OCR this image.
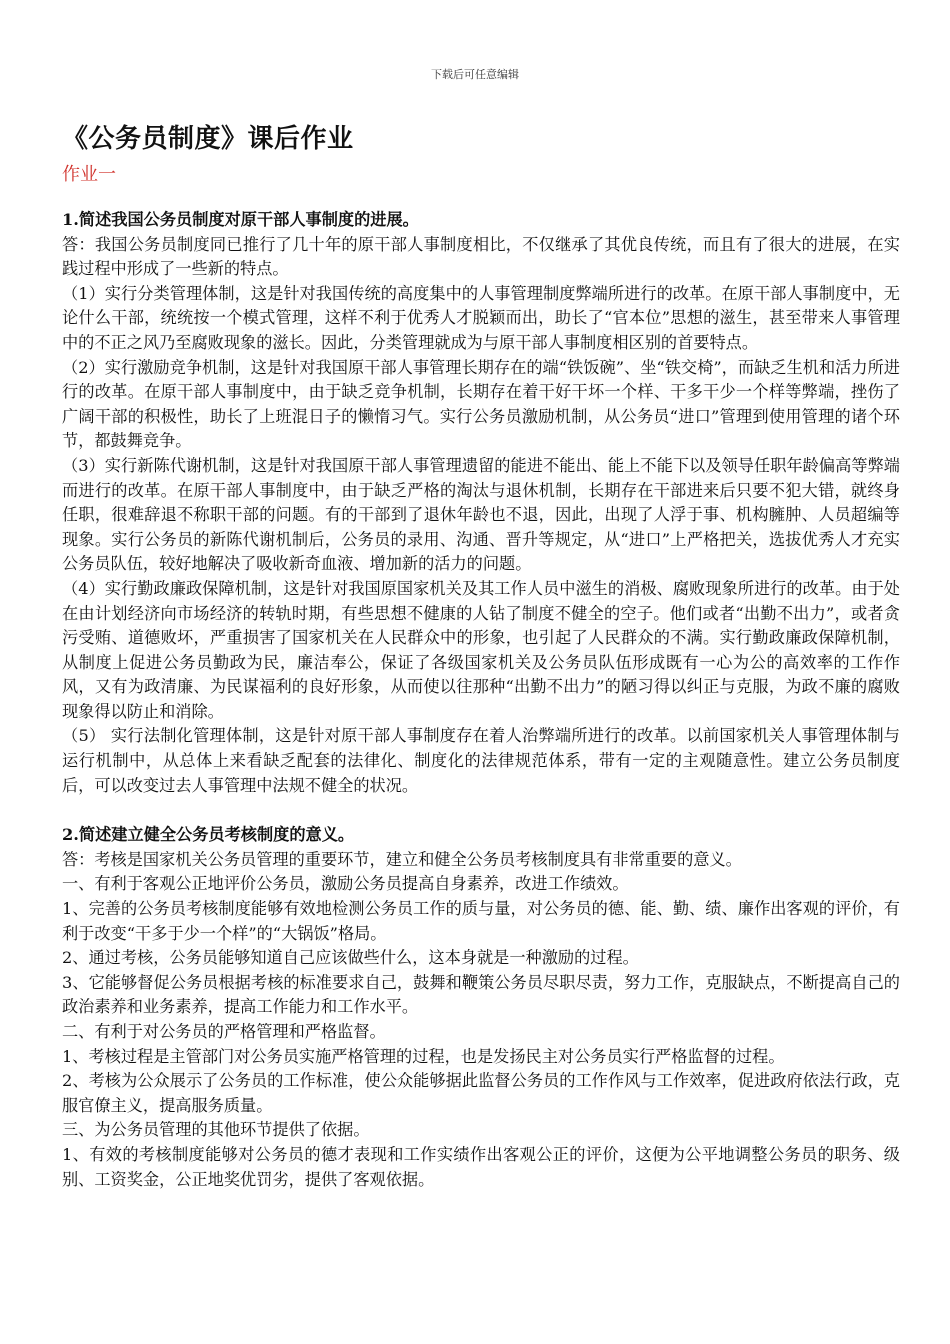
下载后可任意编辑
《公务员制度》课后作业
作业一

1.简述我国公务员制度对原干部人事制度的进展。

答：我国公务员制度同已推行了几十年的原干部人事制度相比，不仅继承了其优良传统，而且有了很大的进展，在实践过程中形成了一些新的特点。

（1）实行分类管理体制，这是针对我国传统的高度集中的人事管理制度弊端所进行的改革。在原干部人事制度中，无论什么干部，统统按一个模式管理，这样不利于优秀人才脱颖而出，助长了“官本位”思想的滋生，甚至带来人事管理中的不正之风乃至腐败现象的滋长。因此，分类管理就成为与原干部人事制度相区别的首要特点。

（2）实行激励竞争机制，这是针对我国原干部人事管理长期存在的端“铁饭碗”、坐“铁交椅”，而缺乏生机和活力所进行的改革。在原干部人事制度中，由于缺乏竞争机制，长期存在着干好干坏一个样、干多干少一个样等弊端，挫伤了广阔干部的积极性，助长了上班混日子的懒惰习气。实行公务员激励机制，从公务员“进口”管理到使用管理的诸个环节，都鼓舞竞争。

（3）实行新陈代谢机制，这是针对我国原干部人事管理遗留的能进不能出、能上不能下以及领导任职年龄偏高等弊端而进行的改革。在原干部人事制度中，由于缺乏严格的淘汰与退休机制，长期存在干部进来后只要不犯大错，就终身任职，很难辞退不称职干部的问题。有的干部到了退休年龄也不退，因此，出现了人浮于事、机构臃肿、人员超编等现象。实行公务员的新陈代谢机制后，公务员的录用、沟通、晋升等规定，从“进口”上严格把关，选拔优秀人才充实公务员队伍，较好地解决了吸收新奇血液、增加新的活力的问题。

（4）实行勤政廉政保障机制，这是针对我国原国家机关及其工作人员中滋生的消极、腐败现象所进行的改革。由于处在由计划经济向市场经济的转轨时期，有些思想不健康的人钻了制度不健全的空子。他们或者“出勤不出力”，或者贪污受贿、道德败坏，严重损害了国家机关在人民群众中的形象，也引起了人民群众的不满。实行勤政廉政保障机制，从制度上促进公务员勤政为民，廉洁奉公，保证了各级国家机关及公务员队伍形成既有一心为公的高效率的工作作风，又有为政清廉、为民谋福利的良好形象，从而使以往那种“出勤不出力”的陋习得以纠正与克服，为政不廉的腐败现象得以防止和消除。

（5） 实行法制化管理体制，这是针对原干部人事制度存在着人治弊端所进行的改革。以前国家机关人事管理体制与运行机制中，从总体上来看缺乏配套的法律化、制度化的法律规范体系，带有一定的主观随意性。建立公务员制度后，可以改变过去人事管理中法规不健全的状况。

2.简述建立健全公务员考核制度的意义。

答：考核是国家机关公务员管理的重要环节，建立和健全公务员考核制度具有非常重要的意义。

一、有利于客观公正地评价公务员，激励公务员提高自身素养，改进工作绩效。

1、完善的公务员考核制度能够有效地检测公务员工作的质与量，对公务员的德、能、勤、绩、廉作出客观的评价，有利于改变“干多于少一个样”的“大锅饭”格局。

2、通过考核，公务员能够知道自己应该做些什么，这本身就是一种激励的过程。

3、它能够督促公务员根据考核的标准要求自己，鼓舞和鞭策公务员尽职尽责，努力工作，克服缺点，不断提高自己的政治素养和业务素养，提高工作能力和工作水平。

二、有利于对公务员的严格管理和严格监督。

1、考核过程是主管部门对公务员实施严格管理的过程，也是发扬民主对公务员实行严格监督的过程。

2、考核为公众展示了公务员的工作标准，使公众能够据此监督公务员的工作作风与工作效率，促进政府依法行政，克服官僚主义，提高服务质量。

三、为公务员管理的其他环节提供了依据。

1、有效的考核制度能够对公务员的德才表现和工作实绩作出客观公正的评价，这便为公平地调整公务员的职务、级别、工资奖金，公正地奖优罚劣，提供了客观依据。
